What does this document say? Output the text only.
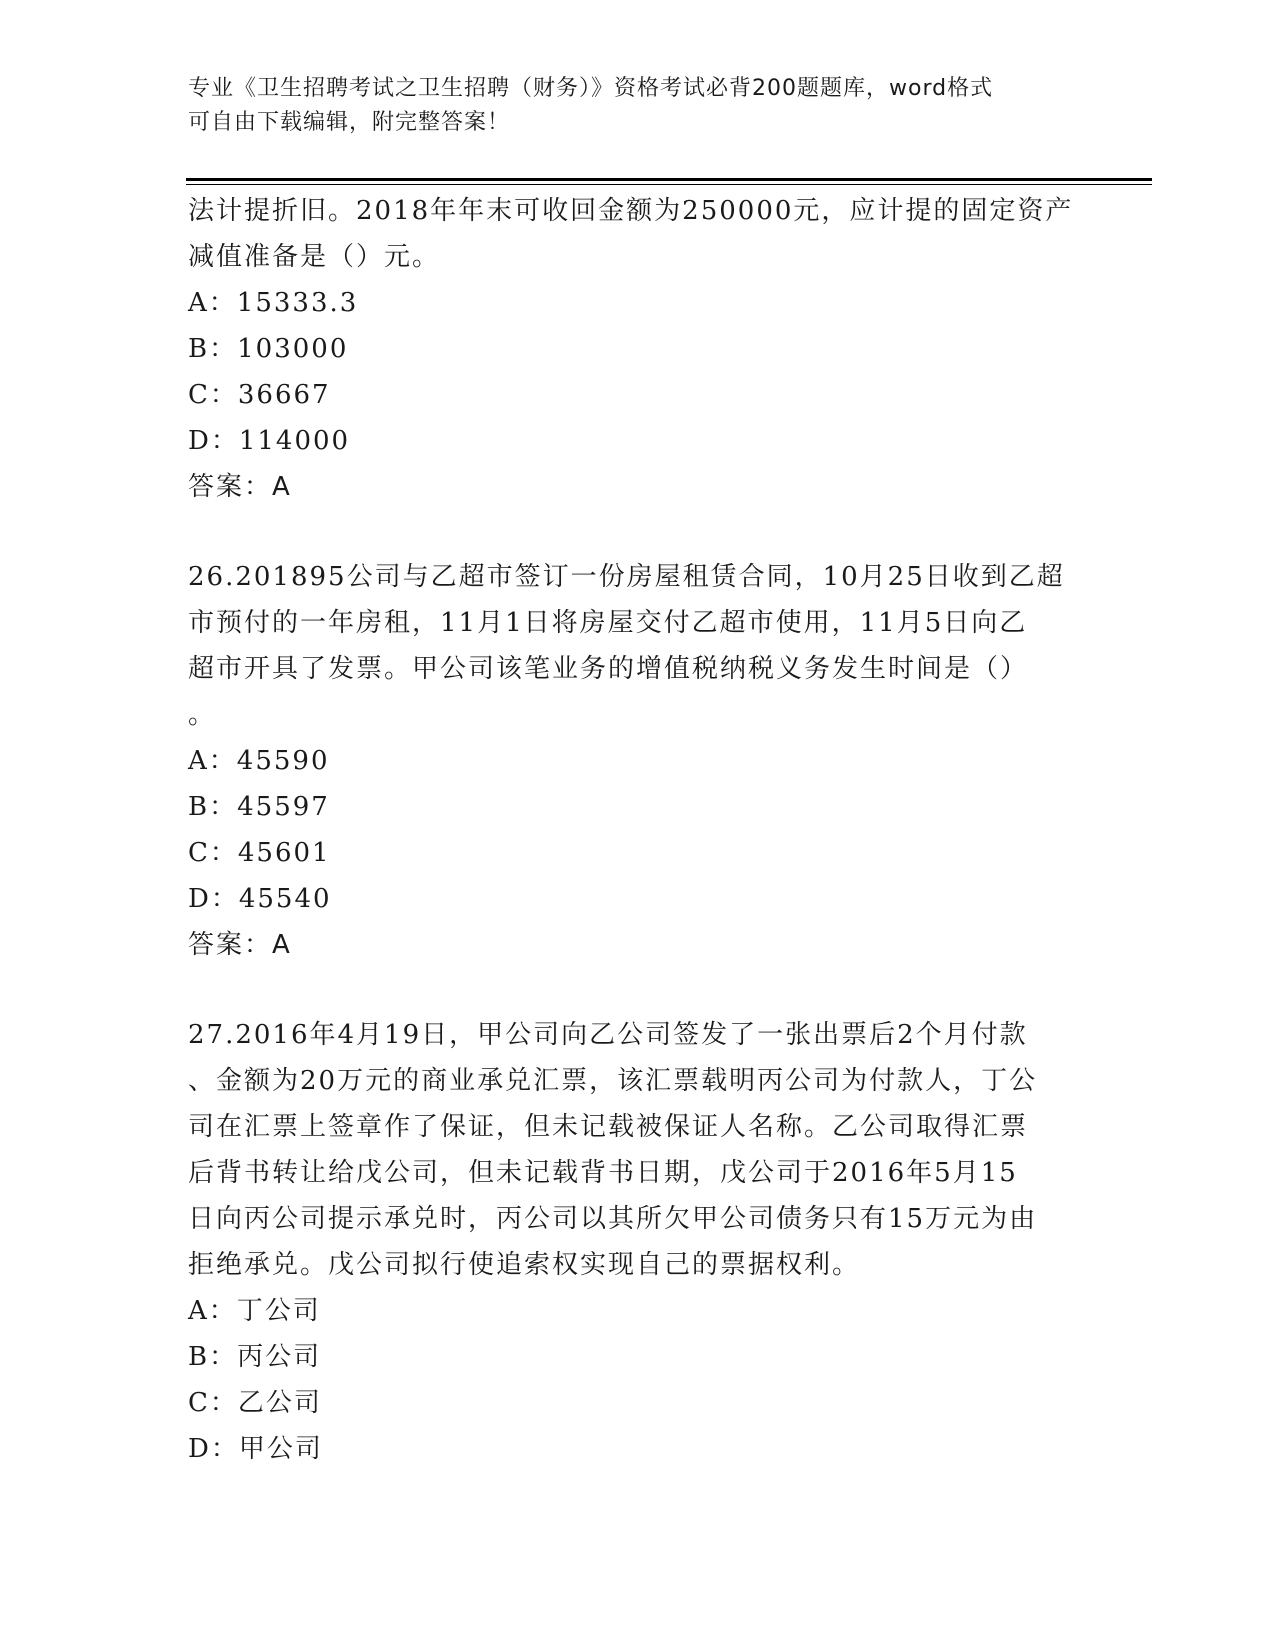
专业《卫生招聘考试之卫生招聘（财务）》资格考试必背200题题库，word格式
可自由下载编辑，附完整答案！
法计提折旧。2018年年末可收回金额为250000元，应计提的固定资产
减值准备是（）元。
A：15333.3
B：103000
C：36667
D：114000
答案：A
26.201895公司与乙超市签订一份房屋租赁合同，10月25日收到乙超
市预付的一年房租，11月1日将房屋交付乙超市使用，11月5日向乙
超市开具了发票。甲公司该笔业务的增值税纳税义务发生时间是（）
。
A：45590
B：45597
C：45601
D：45540
答案：A
27.2016年4月19日，甲公司向乙公司签发了一张出票后2个月付款
、金额为20万元的商业承兑汇票，该汇票载明丙公司为付款人，丁公
司在汇票上签章作了保证，但未记载被保证人名称。乙公司取得汇票
后背书转让给戊公司，但未记载背书日期，戊公司于2016年5月15
日向丙公司提示承兑时，丙公司以其所欠甲公司债务只有15万元为由
拒绝承兑。戊公司拟行使追索权实现自己的票据权利。
A：丁公司
B：丙公司
C：乙公司
D：甲公司
